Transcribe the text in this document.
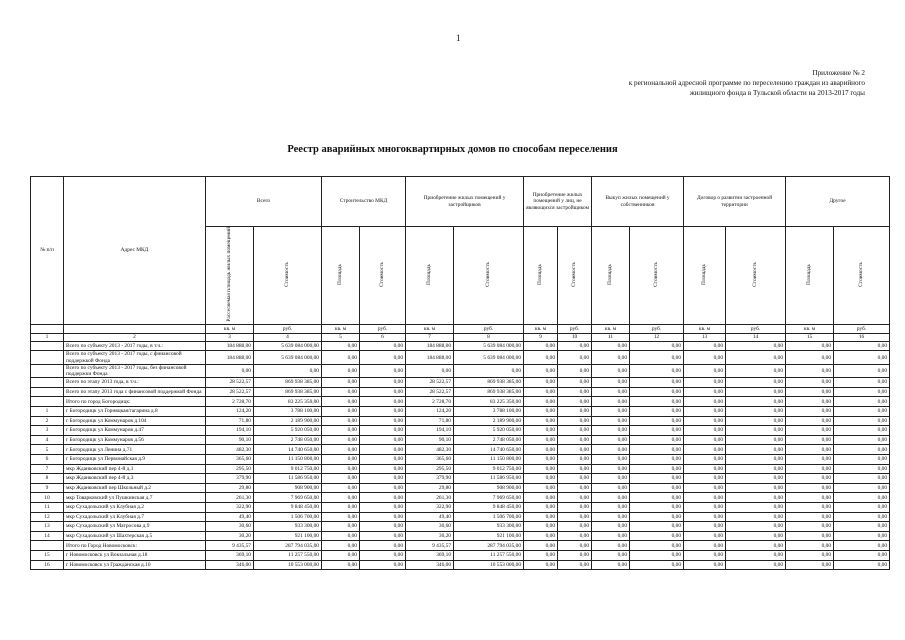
1
Приложение № 2
к региональной адресной программе по переселению граждан из аварийного
жилищного фонда в Тульской области на 2013-2017 годы
Реестр аварийных многоквартирных домов по способам переселения
№ п/п	Адрес МКД	Всего		Строительство МКД		Приобретение жилых помещений у застройщиков		Приобретение жилых помещений у лиц, не являющихся застройщиком		Выкуп жилых помещений у собственников		Договор о развитии застроенной территории		Другое	
		Расселяемая площадь жилых помещений	Стоимость	Площадь	Стоимость	Площадь	Стоимость	Площадь	Стоимость	Площадь	Стоимость	Площадь	Стоимость	Площадь	Стоимость
		кв. м	руб.	кв. м	руб.	кв. м	руб.	кв. м	руб.	кв. м	руб.	кв. м	руб.	кв. м	руб.
1	2	3	4	5	6	7	8	9	10	11	12	13	14	15	16
	Всего по субъекту 2013 - 2017 годы, в т.ч.:	184 888,00	5 639 084 000,00	0,00	0,00	184 888,00	5 639 084 000,00	0,00	0,00	0,00	0,00	0,00	0,00	0,00	0,00
	Всего по субъекту 2013 - 2017 годы, с финансовой поддержкой Фонда	184 888,00	5 639 084 000,00	0,00	0,00	184 888,00	5 639 084 000,00	0,00	0,00	0,00	0,00	0,00	0,00	0,00	0,00
	Всего по субъекту 2013 - 2017 годы, без финансовой поддержки Фонда	0,00	0,00	0,00	0,00	0,00	0,00	0,00	0,00	0,00	0,00	0,00	0,00	0,00	0,00
	Всего по этапу 2013 года, в т.ч.:	28 522,57	869 938 385,00	0,00	0,00	28 522,57	869 938 385,00	0,00	0,00	0,00	0,00	0,00	0,00	0,00	0,00
	Всего по этапу 2013 года с финансовой поддержкой Фонда	28 522,57	869 938 385,00	0,00	0,00	28 522,57	869 938 385,00	0,00	0,00	0,00	0,00	0,00	0,00	0,00	0,00
	Итого по город Богородицк:	2 728,70	83 225 350,00	0,00	0,00	2 728,70	83 225 350,00	0,00	0,00	0,00	0,00	0,00	0,00	0,00	0,00
1	г Богородицк ул Горняцкая/гагарина д.8	124,20	3 788 100,00	0,00	0,00	124,20	3 788 100,00	0,00	0,00	0,00	0,00	0,00	0,00	0,00	0,00
2	г Богородицк ул Коммунаров д.104	71,80	2 189 900,00	0,00	0,00	71,80	2 189 900,00	0,00	0,00	0,00	0,00	0,00	0,00	0,00	0,00
3	г Богородицк ул Коммунаров д.47	194,10	5 920 050,00	0,00	0,00	194,10	5 920 050,00	0,00	0,00	0,00	0,00	0,00	0,00	0,00	0,00
4	г Богородицк ул Коммунаров д.56	90,10	2 748 050,00	0,00	0,00	90,10	2 748 050,00	0,00	0,00	0,00	0,00	0,00	0,00	0,00	0,00
5	г Богородицк ул Ленина д.71	482,30	14 740 650,00	0,00	0,00	482,30	14 740 650,00	0,00	0,00	0,00	0,00	0,00	0,00	0,00	0,00
6	г Богородицк ул Первомайская д.9	365,60	11 150 800,00	0,00	0,00	365,60	11 150 800,00	0,00	0,00	0,00	0,00	0,00	0,00	0,00	0,00
7	мкр Жданковский пер 4-й д.1	295,50	9 012 750,00	0,00	0,00	295,50	9 012 750,00	0,00	0,00	0,00	0,00	0,00	0,00	0,00	0,00
8	мкр Жданковский пер 4-й д.3	379,90	11 586 950,00	0,00	0,00	379,90	11 586 950,00	0,00	0,00	0,00	0,00	0,00	0,00	0,00	0,00
9	мкр Жданковский пер Школьный д.2	29,80	908 900,00	0,00	0,00	29,80	908 900,00	0,00	0,00	0,00	0,00	0,00	0,00	0,00	0,00
10	мкр Товарковский ул Пушкинская д.7	261,30	7 969 650,00	0,00	0,00	261,30	7 969 650,00	0,00	0,00	0,00	0,00	0,00	0,00	0,00	0,00
11	мкр Сухадольский ул Клубная д.2	322,90	9 848 450,00	0,00	0,00	322,90	9 848 450,00	0,00	0,00	0,00	0,00	0,00	0,00	0,00	0,00
12	мкр Сухадольский ул Клубная д.7	49,40	1 506 700,00	0,00	0,00	49,40	1 506 700,00	0,00	0,00	0,00	0,00	0,00	0,00	0,00	0,00
13	мкр Сухадольский ул Матросова д.9	30,60	933 300,00	0,00	0,00	30,60	933 300,00	0,00	0,00	0,00	0,00	0,00	0,00	0,00	0,00
14	мкр Сухадольский ул Шахтерская д.5	30,20	921 100,00	0,00	0,00	30,20	921 100,00	0,00	0,00	0,00	0,00	0,00	0,00	0,00	0,00
	Итого по Город Новомосковск:	9 435,57	287 794 035,00	0,00	0,00	9 435,57	287 794 035,00	0,00	0,00	0,00	0,00	0,00	0,00	0,00	0,00
15	г Новомосковск ул Вокзальная д.18	369,10	11 257 550,00	0,00	0,00	369,10	11 257 550,00	0,00	0,00	0,00	0,00	0,00	0,00	0,00	0,00
16	г Новомосковск ул Гражданская д.10	346,00	10 553 000,00	0,00	0,00	346,00	10 553 000,00	0,00	0,00	0,00	0,00	0,00	0,00	0,00	0,00
